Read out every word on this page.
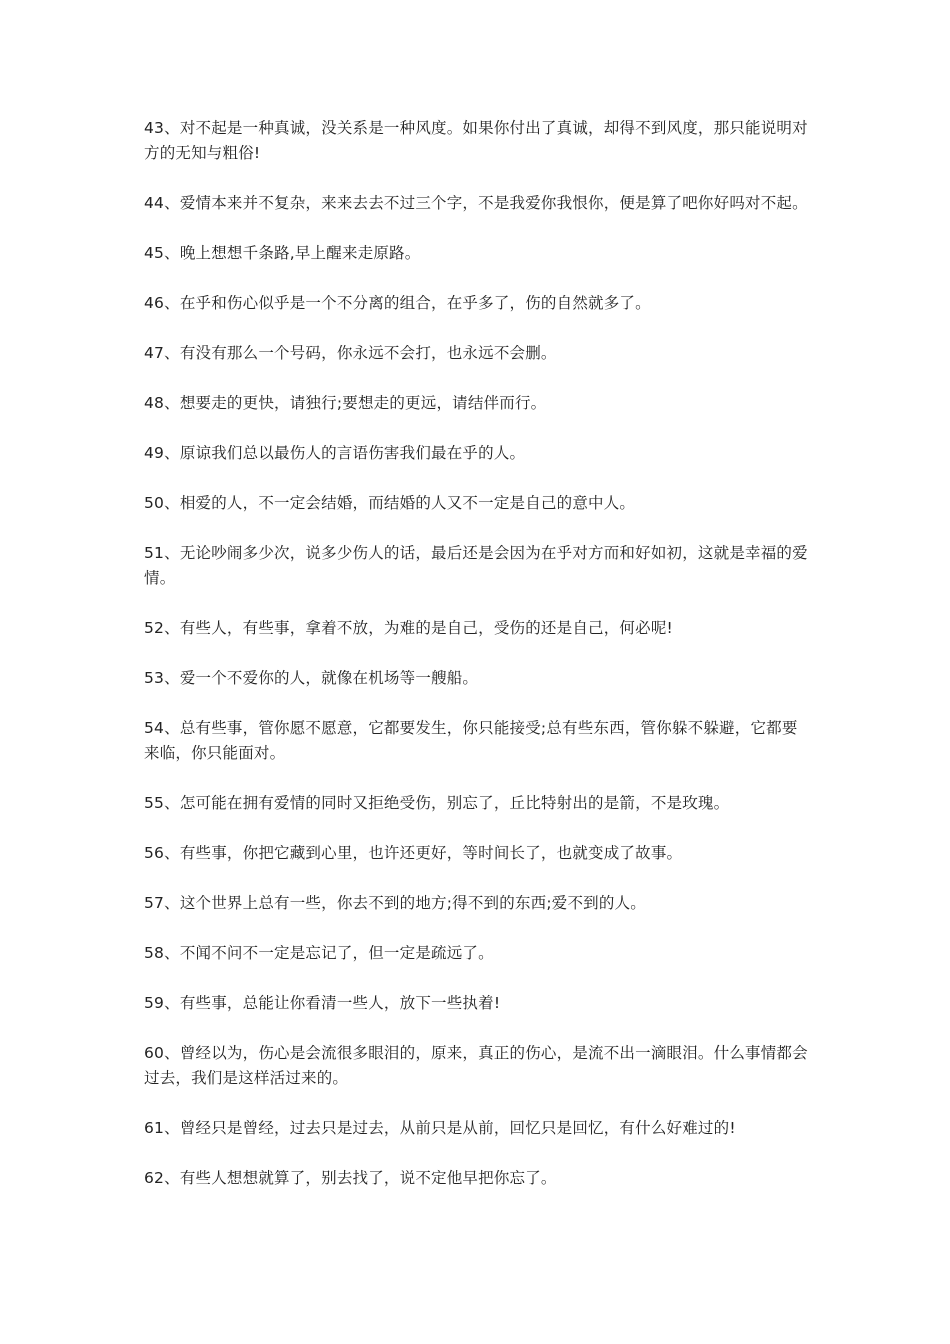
43、对不起是一种真诚，没关系是一种风度。如果你付出了真诚，却得不到风度，那只能说明对方的无知与粗俗!

44、爱情本来并不复杂，来来去去不过三个字，不是我爱你我恨你，便是算了吧你好吗对不起。

45、晚上想想千条路,早上醒来走原路。

46、在乎和伤心似乎是一个不分离的组合，在乎多了，伤的自然就多了。

47、有没有那么一个号码，你永远不会打，也永远不会删。

48、想要走的更快，请独行;要想走的更远，请结伴而行。

49、原谅我们总以最伤人的言语伤害我们最在乎的人。

50、相爱的人，不一定会结婚，而结婚的人又不一定是自己的意中人。

51、无论吵闹多少次，说多少伤人的话，最后还是会因为在乎对方而和好如初，这就是幸福的爱情。

52、有些人，有些事，拿着不放，为难的是自己，受伤的还是自己，何必呢!

53、爱一个不爱你的人，就像在机场等一艘船。

54、总有些事，管你愿不愿意，它都要发生，你只能接受;总有些东西，管你躲不躲避，它都要来临，你只能面对。

55、怎可能在拥有爱情的同时又拒绝受伤，别忘了，丘比特射出的是箭，不是玫瑰。

56、有些事，你把它藏到心里，也许还更好，等时间长了，也就变成了故事。

57、这个世界上总有一些，你去不到的地方;得不到的东西;爱不到的人。

58、不闻不问不一定是忘记了，但一定是疏远了。

59、有些事，总能让你看清一些人，放下一些执着!

60、曾经以为，伤心是会流很多眼泪的，原来，真正的伤心，是流不出一滴眼泪。什么事情都会过去，我们是这样活过来的。

61、曾经只是曾经，过去只是过去，从前只是从前，回忆只是回忆，有什么好难过的!

62、有些人想想就算了，别去找了，说不定他早把你忘了。
